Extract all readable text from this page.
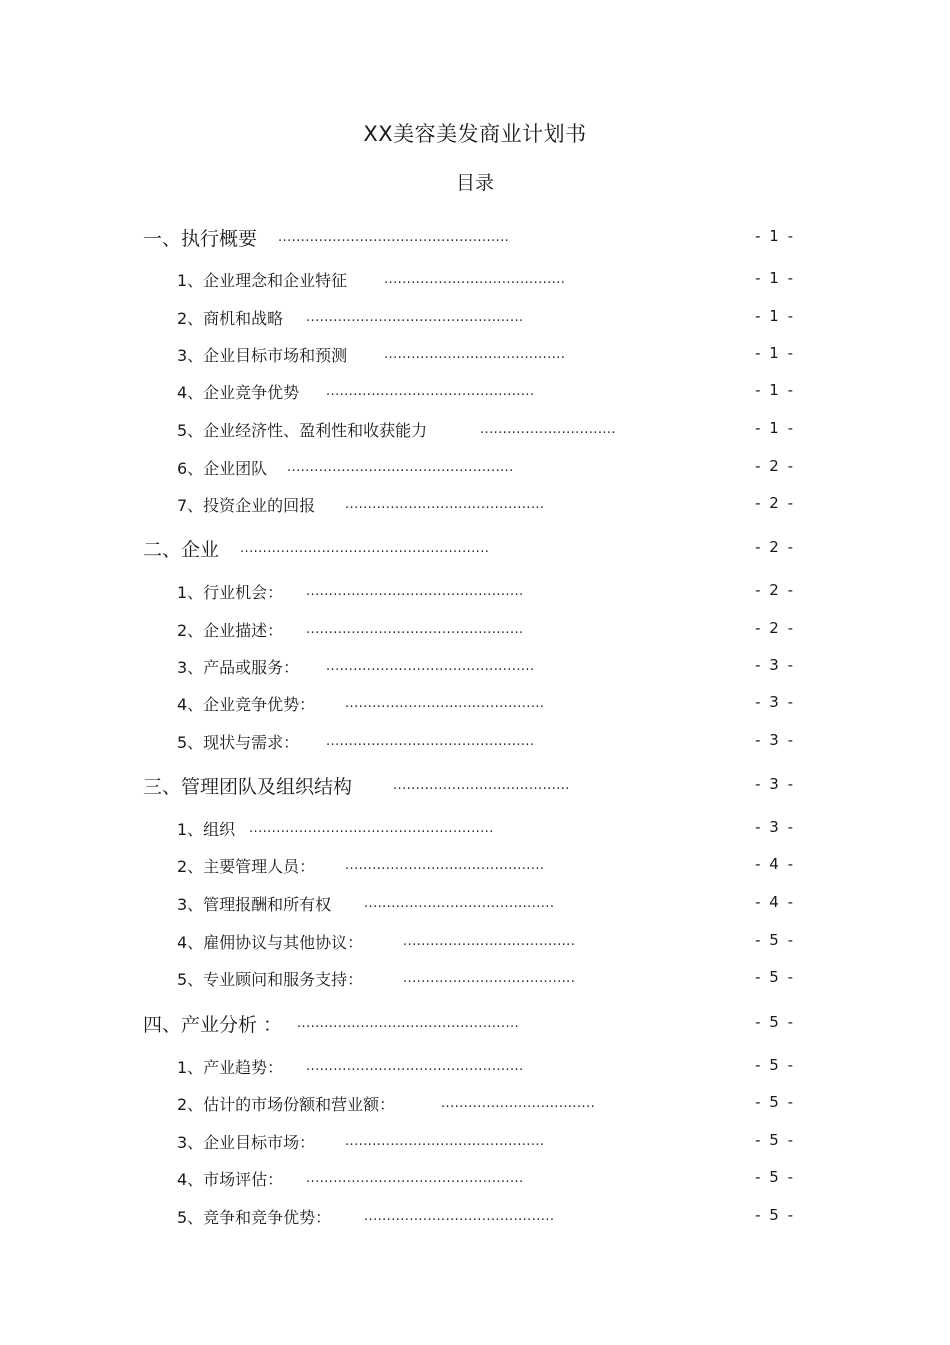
XX美容美发商业计划书
目录
一、执行概要 ...................................................	- 1 -
1、企业理念和企业特征	........................................	- 1 -
2、商机和战略 ................................................	- 1 -
3、企业目标市场和预测	........................................	- 1 -
4、企业竞争优势 ..............................................	- 1 -
5、企业经济性、盈利性和收获能力	..............................	- 1 -
6、企业团队 ..................................................	- 2 -
7、投资企业的回报 ............................................	- 2 -
二、企业 .......................................................	- 2 -
1、行业机会： ................................................	- 2 -
2、企业描述： ................................................	- 2 -
3、产品或服务： ..............................................	- 3 -
4、企业竞争优势： ............................................	- 3 -
5、现状与需求： ..............................................	- 3 -
三、管理团队及组织结构	.......................................	- 3 -
1、组织 ......................................................	- 3 -
2、主要管理人员： ............................................	- 4 -
3、管理报酬和所有权	..........................................	- 4 -
4、雇佣协议与其他协议：	......................................	- 5 -
5、专业顾问和服务支持：	......................................	- 5 -
四、产业分析 ： .................................................	- 5 -
1、产业趋势： ................................................	- 5 -
2、估计的市场份额和营业额：	..................................	- 5 -
3、企业目标市场： ............................................	- 5 -
4、市场评估： ................................................	- 5 -
5、竞争和竞争优势：	..........................................	- 5 -
